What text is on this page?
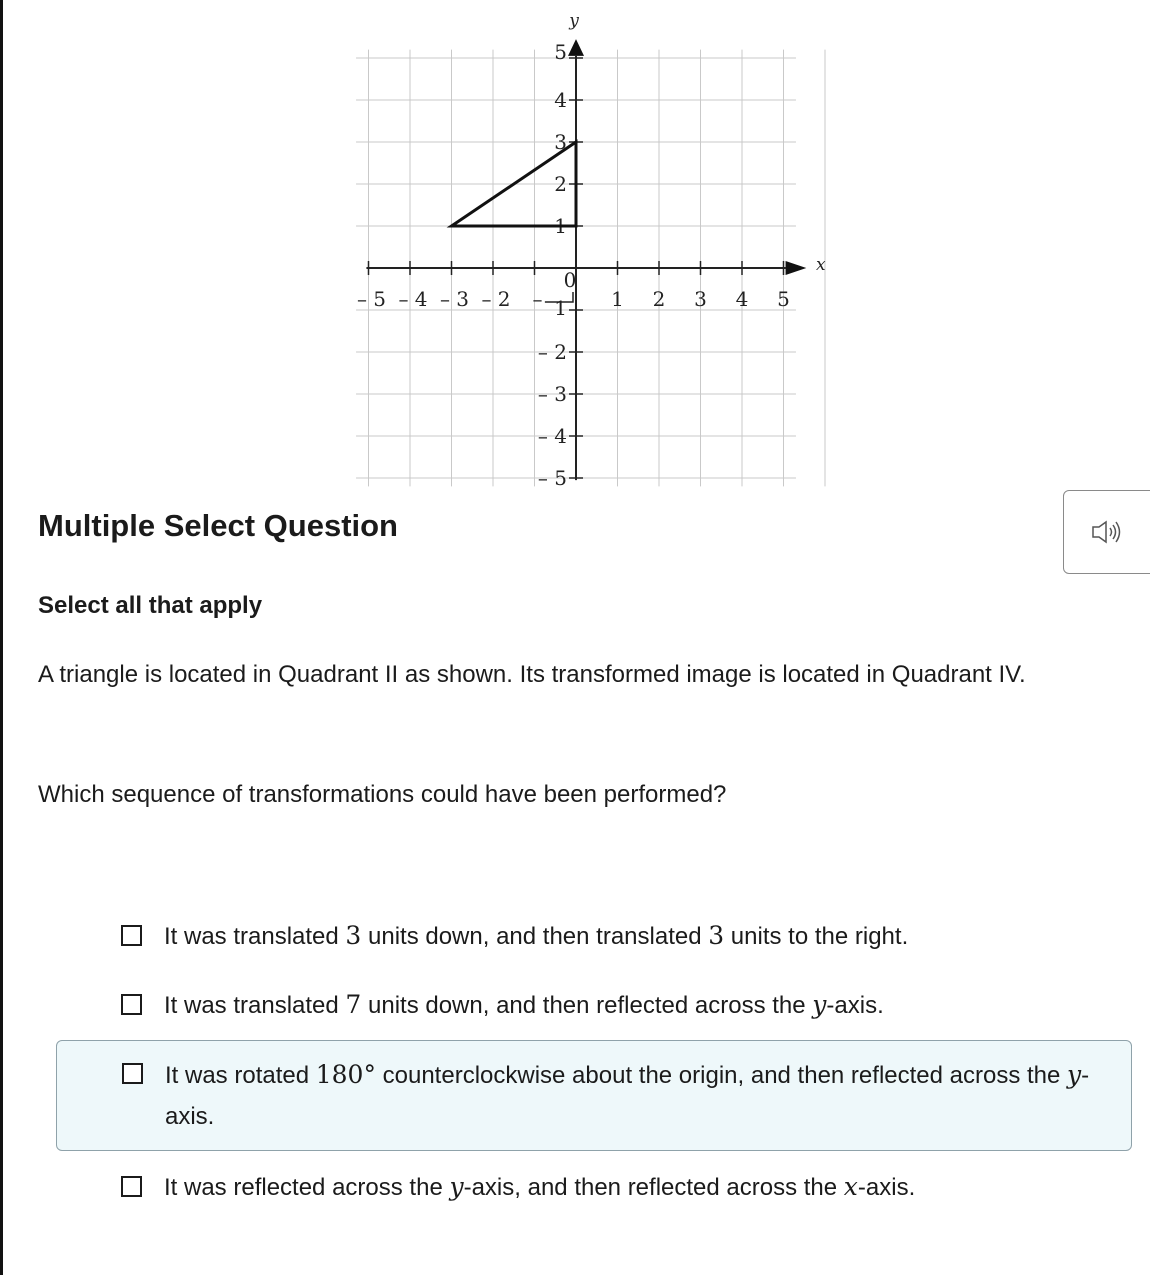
y
x
0
– 5 – 4 – 3 – 2 –	1 2 3 4 5
5
4
3
2
1
1
– 2
– 3
– 4
– 5
Multiple Select Question
Select all that apply
A triangle is located in Quadrant II as shown. Its transformed image is located in Quadrant IV.
Which sequence of transformations could have been performed?
It was translated 3 units down, and then translated 3 units to the right.
It was translated 7 units down, and then reflected across the y-axis.
It was rotated 180° counterclockwise about the origin, and then reflected across the y-axis.
It was reflected across the y-axis, and then reflected across the x-axis.
